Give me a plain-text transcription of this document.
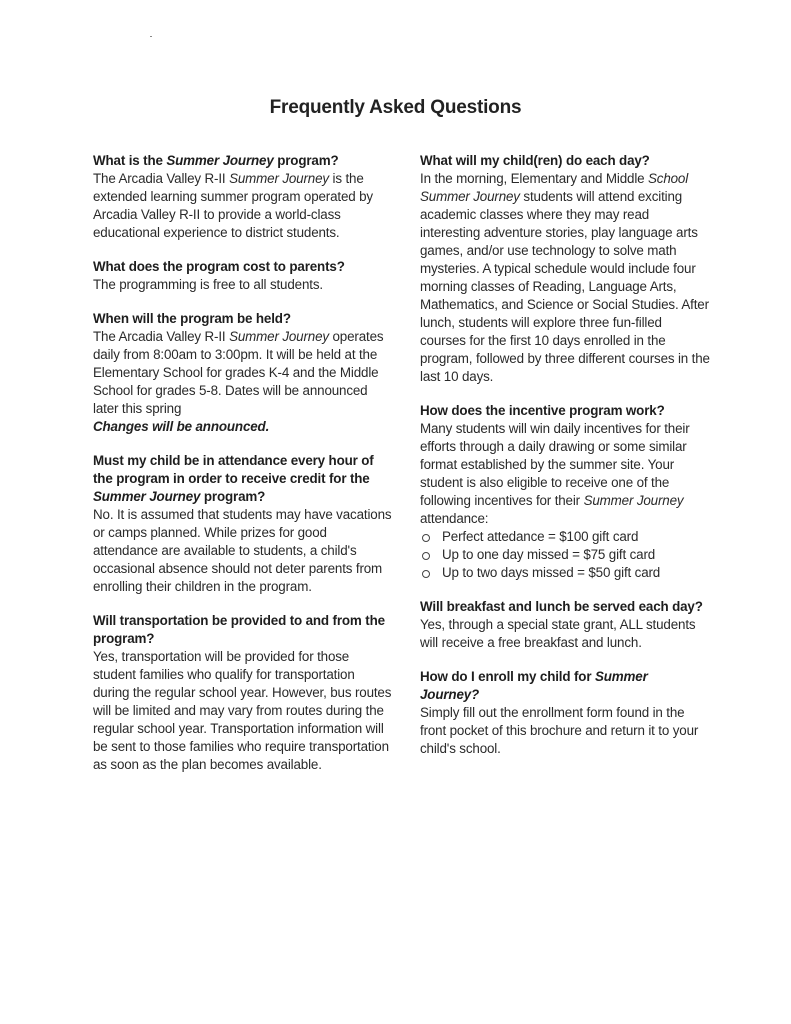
Frequently Asked Questions
What is the Summer Journey program?
The Arcadia Valley R-II Summer Journey is the extended learning summer program operated by Arcadia Valley R-II to provide a world-class educational experience to district students.
What does the program cost to parents?
The programming is free to all students.
When will the program be held?
The Arcadia Valley R-II Summer Journey operates daily from 8:00am to 3:00pm. It will be held at the Elementary School for grades K-4 and the Middle School for grades 5-8. Dates will be announced later this spring
Changes will be announced.
Must my child be in attendance every hour of the program in order to receive credit for the Summer Journey program?
No. It is assumed that students may have vacations or camps planned. While prizes for good attendance are available to students, a child's occasional absence should not deter parents from enrolling their children in the program.
Will transportation be provided to and from the program?
Yes, transportation will be provided for those student families who qualify for transportation during the regular school year. However, bus routes will be limited and may vary from routes during the regular school year. Transportation information will be sent to those families who require transportation as soon as the plan becomes available.
What will my child(ren) do each day?
In the morning, Elementary and Middle School Summer Journey students will attend exciting academic classes where they may read interesting adventure stories, play language arts games, and/or use technology to solve math mysteries. A typical schedule would include four morning classes of Reading, Language Arts, Mathematics, and Science or Social Studies. After lunch, students will explore three fun-filled courses for the first 10 days enrolled in the program, followed by three different courses in the last 10 days.
How does the incentive program work?
Many students will win daily incentives for their efforts through a daily drawing or some similar format established by the summer site. Your student is also eligible to receive one of the following incentives for their Summer Journey attendance:
Perfect attedance = $100 gift card
Up to one day missed = $75 gift card
Up to two days missed = $50 gift card
Will breakfast and lunch be served each day?
Yes, through a special state grant, ALL students will receive a free breakfast and lunch.
How do I enroll my child for Summer Journey?
Simply fill out the enrollment form found in the front pocket of this brochure and return it to your child's school.
